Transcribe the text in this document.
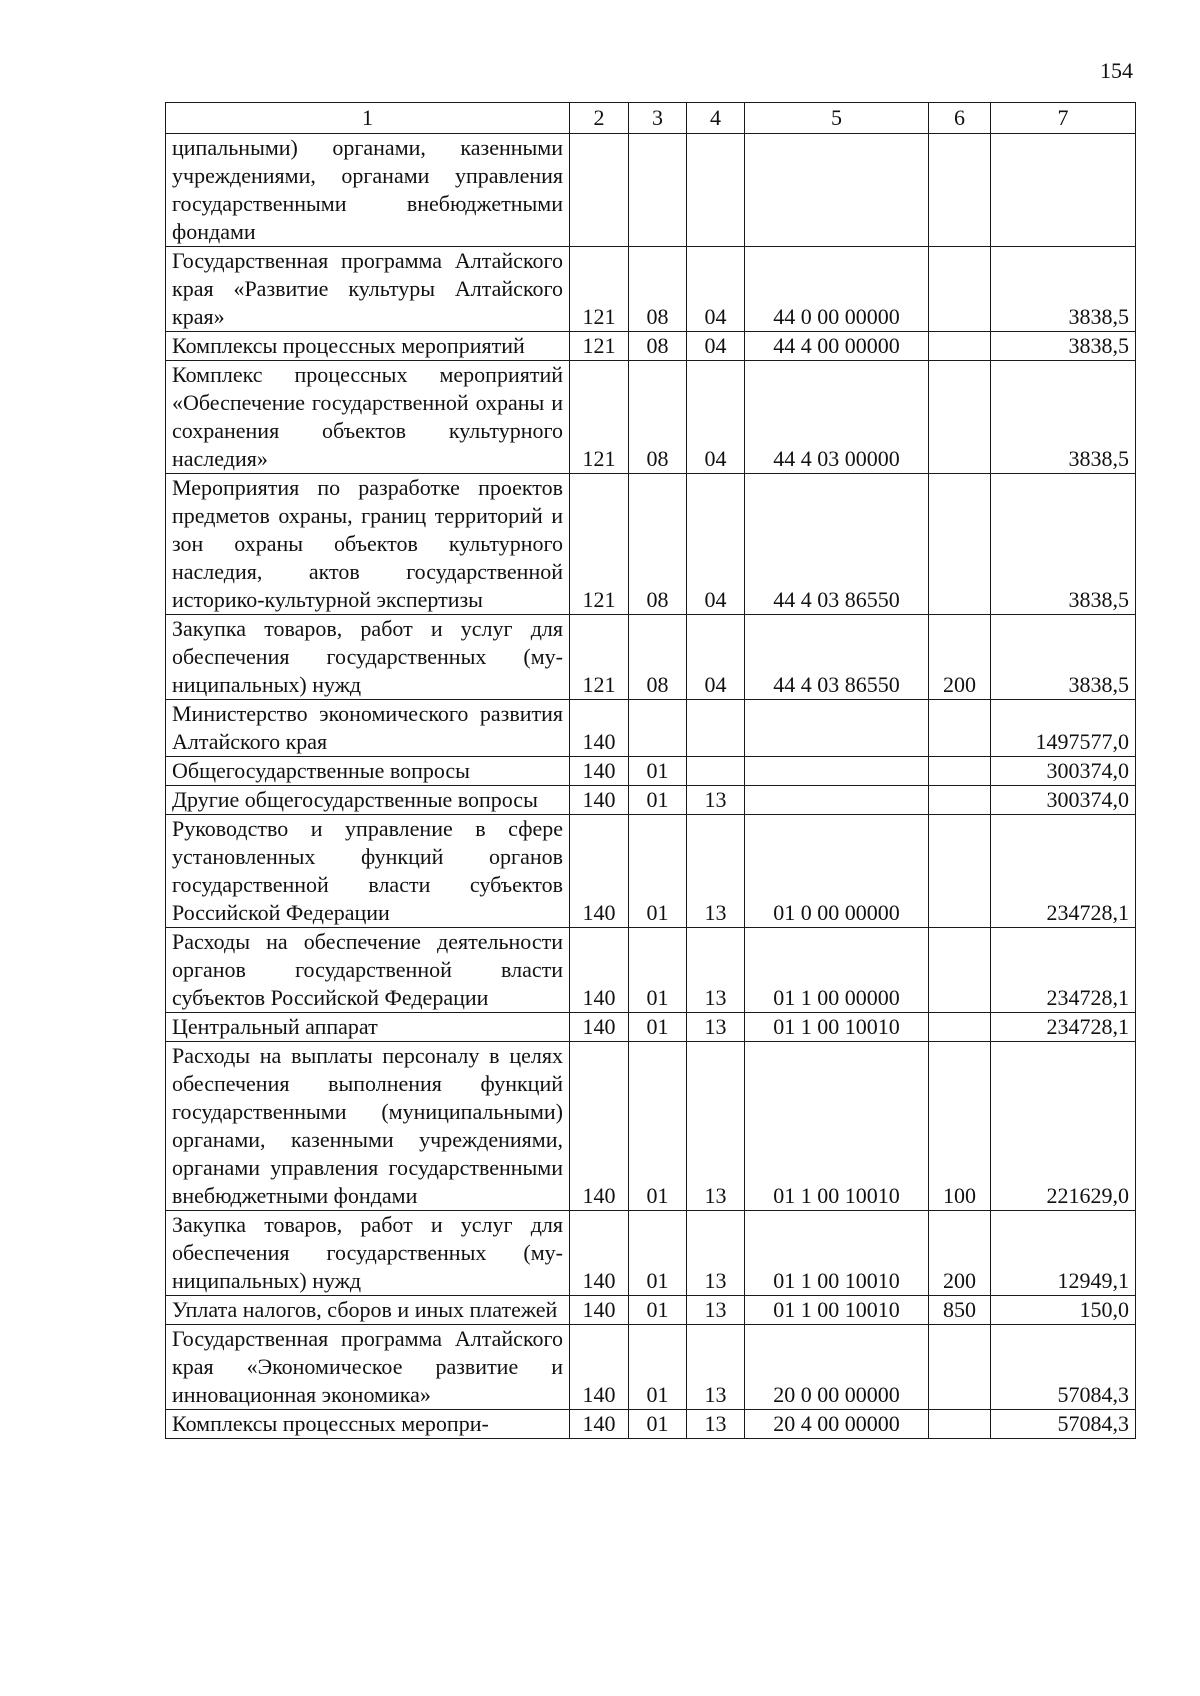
154
1	2	3	4	5	6	7
ципальными) органами, казенными учреждениями, органами управления государственными внебюджетными фондами						
Государственная программа Алтайского края «Развитие культуры Алтайского края»	121	08	04	44 0 00 00000		3838,5
Комплексы процессных мероприятий	121	08	04	44 4 00 00000		3838,5
Комплекс процессных мероприятий «Обеспечение государственной охраны и сохранения объектов культурного наследия»	121	08	04	44 4 03 00000		3838,5
Мероприятия по разработке проектов предметов охраны, границ территорий и зон охраны объектов культурного наследия, актов государственной историко-культурной экспертизы	121	08	04	44 4 03 86550		3838,5
Закупка товаров, работ и услуг для обеспечения государственных (муниципальных) нужд	121	08	04	44 4 03 86550	200	3838,5
Министерство экономического развития Алтайского края	140					1497577,0
Общегосударственные вопросы	140	01				300374,0
Другие общегосударственные вопросы	140	01	13			300374,0
Руководство и управление в сфере установленных функций органов государственной власти субъектов Российской Федерации	140	01	13	01 0 00 00000		234728,1
Расходы на обеспечение деятельности органов государственной власти субъектов Российской Федерации	140	01	13	01 1 00 00000		234728,1
Центральный аппарат	140	01	13	01 1 00 10010		234728,1
Расходы на выплаты персоналу в целях обеспечения выполнения функций государственными (муниципальными) органами, казенными учреждениями, органами управления государственными внебюджетными фондами	140	01	13	01 1 00 10010	100	221629,0
Закупка товаров, работ и услуг для обеспечения государственных (муниципальных) нужд	140	01	13	01 1 00 10010	200	12949,1
Уплата налогов, сборов и иных платежей	140	01	13	01 1 00 10010	850	150,0
Государственная программа Алтайского края «Экономическое развитие и инновационная экономика»	140	01	13	20 0 00 00000		57084,3
Комплексы процессных меропри-	140	01	13	20 4 00 00000		57084,3
